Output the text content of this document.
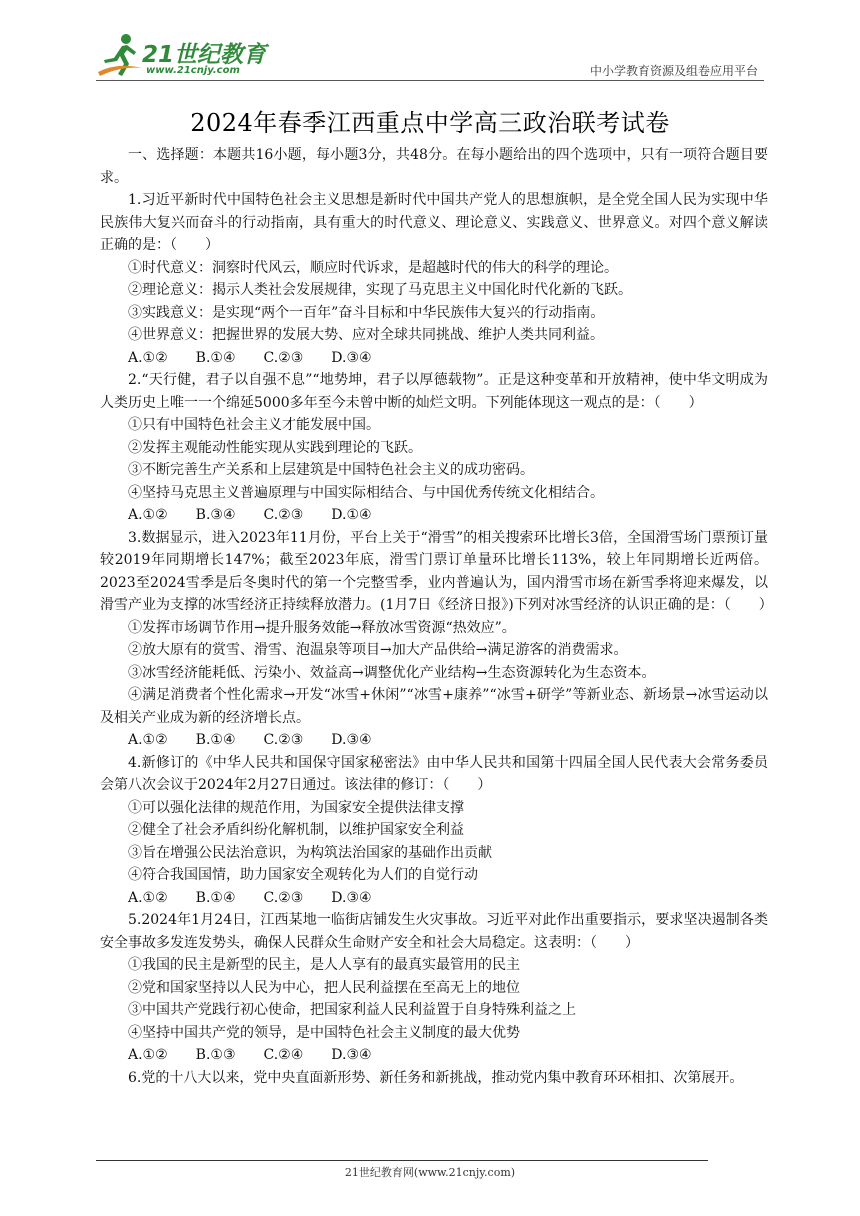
21世纪教育
www.21cnjy.com	中小学教育资源及组卷应用平台
2024年春季江西重点中学高三政治联考试卷

一、选择题：本题共16小题，每小题3分，共48分。在每小题给出的四个选项中，只有一项符合题目要求。

1.习近平新时代中国特色社会主义思想是新时代中国共产党人的思想旗帜，是全党全国人民为实现中华民族伟大复兴而奋斗的行动指南，具有重大的时代意义、理论意义、实践意义、世界意义。对四个意义解读正确的是：（　　）

①时代意义：洞察时代风云，顺应时代诉求，是超越时代的伟大的科学的理论。

②理论意义：揭示人类社会发展规律，实现了马克思主义中国化时代化新的飞跃。

③实践意义：是实现“两个一百年”奋斗目标和中华民族伟大复兴的行动指南。

④世界意义：把握世界的发展大势、应对全球共同挑战、维护人类共同利益。

A.①②　　B.①④　　C.②③　　D.③④

2.“天行健，君子以自强不息”“地势坤，君子以厚德载物”。正是这种变革和开放精神，使中华文明成为人类历史上唯一一个绵延5000多年至今未曾中断的灿烂文明。下列能体现这一观点的是：（　　）

①只有中国特色社会主义才能发展中国。

②发挥主观能动性能实现从实践到理论的飞跃。

③不断完善生产关系和上层建筑是中国特色社会主义的成功密码。

④坚持马克思主义普遍原理与中国实际相结合、与中国优秀传统文化相结合。

A.①②　　B.③④　　C.②③　　D.①④

3.数据显示，进入2023年11月份，平台上关于“滑雪”的相关搜索环比增长3倍，全国滑雪场门票预订量较2019年同期增长147%；截至2023年底，滑雪门票订单量环比增长113%，较上年同期增长近两倍。2023至2024雪季是后冬奥时代的第一个完整雪季，业内普遍认为，国内滑雪市场在新雪季将迎来爆发，以滑雪产业为支撑的冰雪经济正持续释放潜力。(1月7日《经济日报》)下列对冰雪经济的认识正确的是：（　　）

①发挥市场调节作用→提升服务效能→释放冰雪资源“热效应”。

②放大原有的赏雪、滑雪、泡温泉等项目→加大产品供给→满足游客的消费需求。

③冰雪经济能耗低、污染小、效益高→调整优化产业结构→生态资源转化为生态资本。

④满足消费者个性化需求→开发“冰雪+休闲”“冰雪+康养”“冰雪+研学”等新业态、新场景→冰雪运动以及相关产业成为新的经济增长点。

A.①②　　B.①④　　C.②③　　D.③④

4.新修订的《中华人民共和国保守国家秘密法》由中华人民共和国第十四届全国人民代表大会常务委员会第八次会议于2024年2月27日通过。该法律的修订：（　　）

①可以强化法律的规范作用，为国家安全提供法律支撑

②健全了社会矛盾纠纷化解机制，以维护国家安全利益

③旨在增强公民法治意识，为构筑法治国家的基础作出贡献

④符合我国国情，助力国家安全观转化为人们的自觉行动

A.①②　　B.①④　　C.②③　　D.③④

5.2024年1月24日，江西某地一临街店铺发生火灾事故。习近平对此作出重要指示，要求坚决遏制各类安全事故多发连发势头，确保人民群众生命财产安全和社会大局稳定。这表明：（　　）

①我国的民主是新型的民主，是人人享有的最真实最管用的民主

②党和国家坚持以人民为中心，把人民利益摆在至高无上的地位

③中国共产党践行初心使命，把国家利益人民利益置于自身特殊利益之上

④坚持中国共产党的领导，是中国特色社会主义制度的最大优势

A.①②　　B.①③　　C.②④　　D.③④

6.党的十八大以来，党中央直面新形势、新任务和新挑战，推动党内集中教育环环相扣、次第展开。

21世纪教育网(www.21cnjy.com)
